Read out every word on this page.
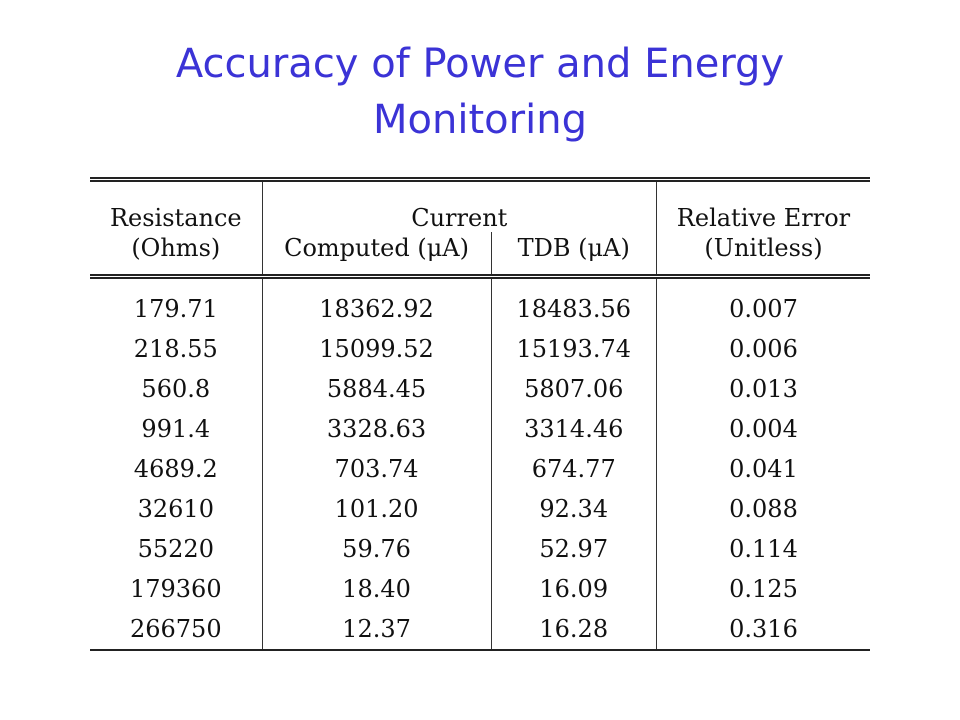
Accuracy of Power and Energy
Monitoring
Resistance	Current		Relative Error
(Ohms)	Computed (μA)	TDB (μA)	(Unitless)
179.71	18362.92	18483.56	0.007
218.55	15099.52	15193.74	0.006
560.8	5884.45	5807.06	0.013
991.4	3328.63	3314.46	0.004
4689.2	703.74	674.77	0.041
32610	101.20	92.34	0.088
55220	59.76	52.97	0.114
179360	18.40	16.09	0.125
266750	12.37	16.28	0.316
